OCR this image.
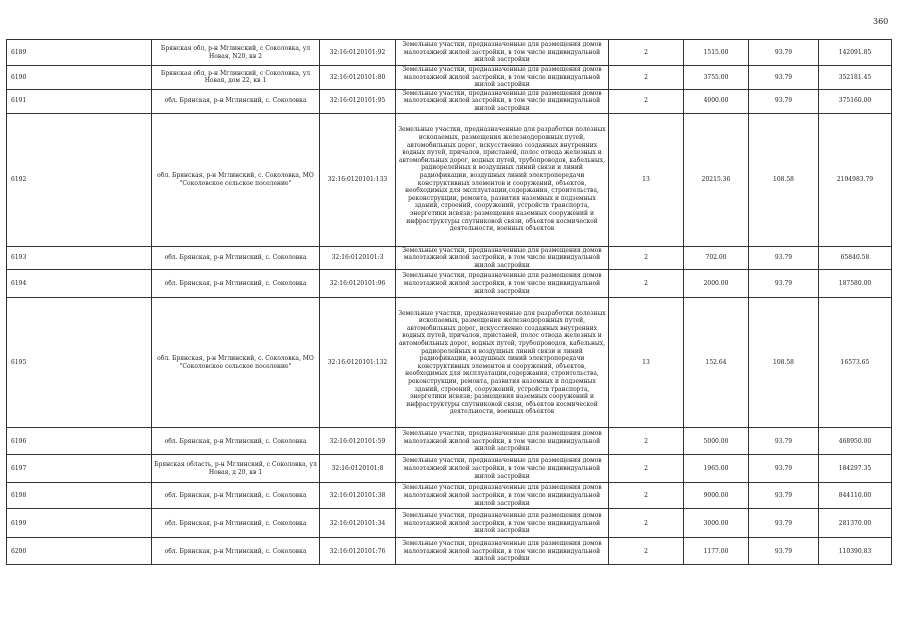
360
6189	Брянская обл, р-н Мглинский, с Соколовка, ул Новая, N20, кв 2	32:16:0120101:92	Земельные участки, предназначенные для размещения домов малоэтажной жилой застройки, в том числе индивидуальной жилой застройки	2	1515.00	93.79	142091.85
6190	Брянская обл, р-н Мглинский, с Соколовка, ул Новая, дом 22, кв 1	32:16:0120101:80	Земельные участки, предназначенные для размещения домов малоэтажной жилой застройки, в том числе индивидуальной жилой застройки	2	3755.00	93.79	352181.45
6191	обл. Брянская, р-н Мглинский, с. Соколовка	32:16:0120101:95	Земельные участки, предназначенные для размещения домов малоэтажной жилой застройки, в том числе индивидуальной жилой застройки	2	4000.00	93.79	375160.00
6192	обл. Брянская, р-н Мглинский, с. Соколовка, МО "Соколовское сельское поселение"	32:16:0120101:133	Земельные участки, предназначенные для разработки полезных ископаемых, размещения железнодорожных путей, автомобильных дорог, искусственно созданных внутренних водных путей, причалов, пристаней, полос отвода железных и автомобильных дорог, водных путей, трубопроводов, кабельных, радиорелейных и воздушных линий связи и линий радиофикации, воздушных линий электропередачи конструктивных элементов и сооружений, объектов, необходимых для эксплуатации,содержания, строительства, реконструкции, ремонта, развития наземных и подземных зданий, строений, сооружений, устройств транспорта, энергетики исвязи; размещения наземных сооружений и инфраструктуры спутниковой связи, объектов космической деятельности, военных объектов	13	20215.36	108.58	2194983.79
6193	обл. Брянская, р-н Мглинский, с. Соколовка	32:16:0120101:3	Земельные участки, предназначенные для размещения домов малоэтажной жилой застройки, в том числе индивидуальной жилой застройки	2	702.00	93.79	65840.58
6194	обл. Брянская, р-н Мглинский, с. Соколовка	32:16:0120101:96	Земельные участки, предназначенные для размещения домов малоэтажной жилой застройки, в том числе индивидуальной жилой застройки	2	2000.00	93.79	187580.00
6195	обл. Брянская, р-н Мглинский, с. Соколовка, МО "Соколовское сельское поселение"	32:16:0120101:132	Земельные участки, предназначенные для разработки полезных ископаемых, размещения железнодорожных путей, автомобильных дорог, искусственно созданных внутренних водных путей, причалов, пристаней, полос отвода железных и автомобильных дорог, водных путей, трубопроводов, кабельных, радиорелейных и воздушных линий связи и линий радиофикации, воздушных линий электропередачи конструктивных элементов и сооружений, объектов, необходимых для эксплуатации,содержания, строительства, реконструкции, ремонта, развития наземных и подземных зданий, строений, сооружений, устройств транспорта, энергетики исвязи; размещения наземных сооружений и инфраструктуры спутниковой связи, объектов космической деятельности, военных объектов	13	152.64	108.58	16573.65
6196	обл. Брянская, р-н Мглинский, с. Соколовка	32:16:0120101:59	Земельные участки, предназначенные для размещения домов малоэтажной жилой застройки, в том числе индивидуальной жилой застройки	2	5000.00	93.79	468950.00
6197	Брянская область, р-н Мглинский, с Соколовка, ул Новая, д 20, кв 1	32:16:0120101:8	Земельные участки, предназначенные для размещения домов малоэтажной жилой застройки, в том числе индивидуальной жилой застройки	2	1965.00	93.79	184297.35
6198	обл. Брянская, р-н Мглинский, с. Соколовка	32:16:0120101:38	Земельные участки, предназначенные для размещения домов малоэтажной жилой застройки, в том числе индивидуальной жилой застройки	2	9000.00	93.79	844110.00
6199	обл. Брянская, р-н Мглинский, с. Соколовка	32:16:0120101:34	Земельные участки, предназначенные для размещения домов малоэтажной жилой застройки, в том числе индивидуальной жилой застройки	2	3000.00	93.79	281370.00
6200	обл. Брянская, р-н Мглинский, с. Соколовка	32:16:0120101:76	Земельные участки, предназначенные для размещения домов малоэтажной жилой застройки, в том числе индивидуальной жилой застройки	2	1177.00	93.79	110390.83
